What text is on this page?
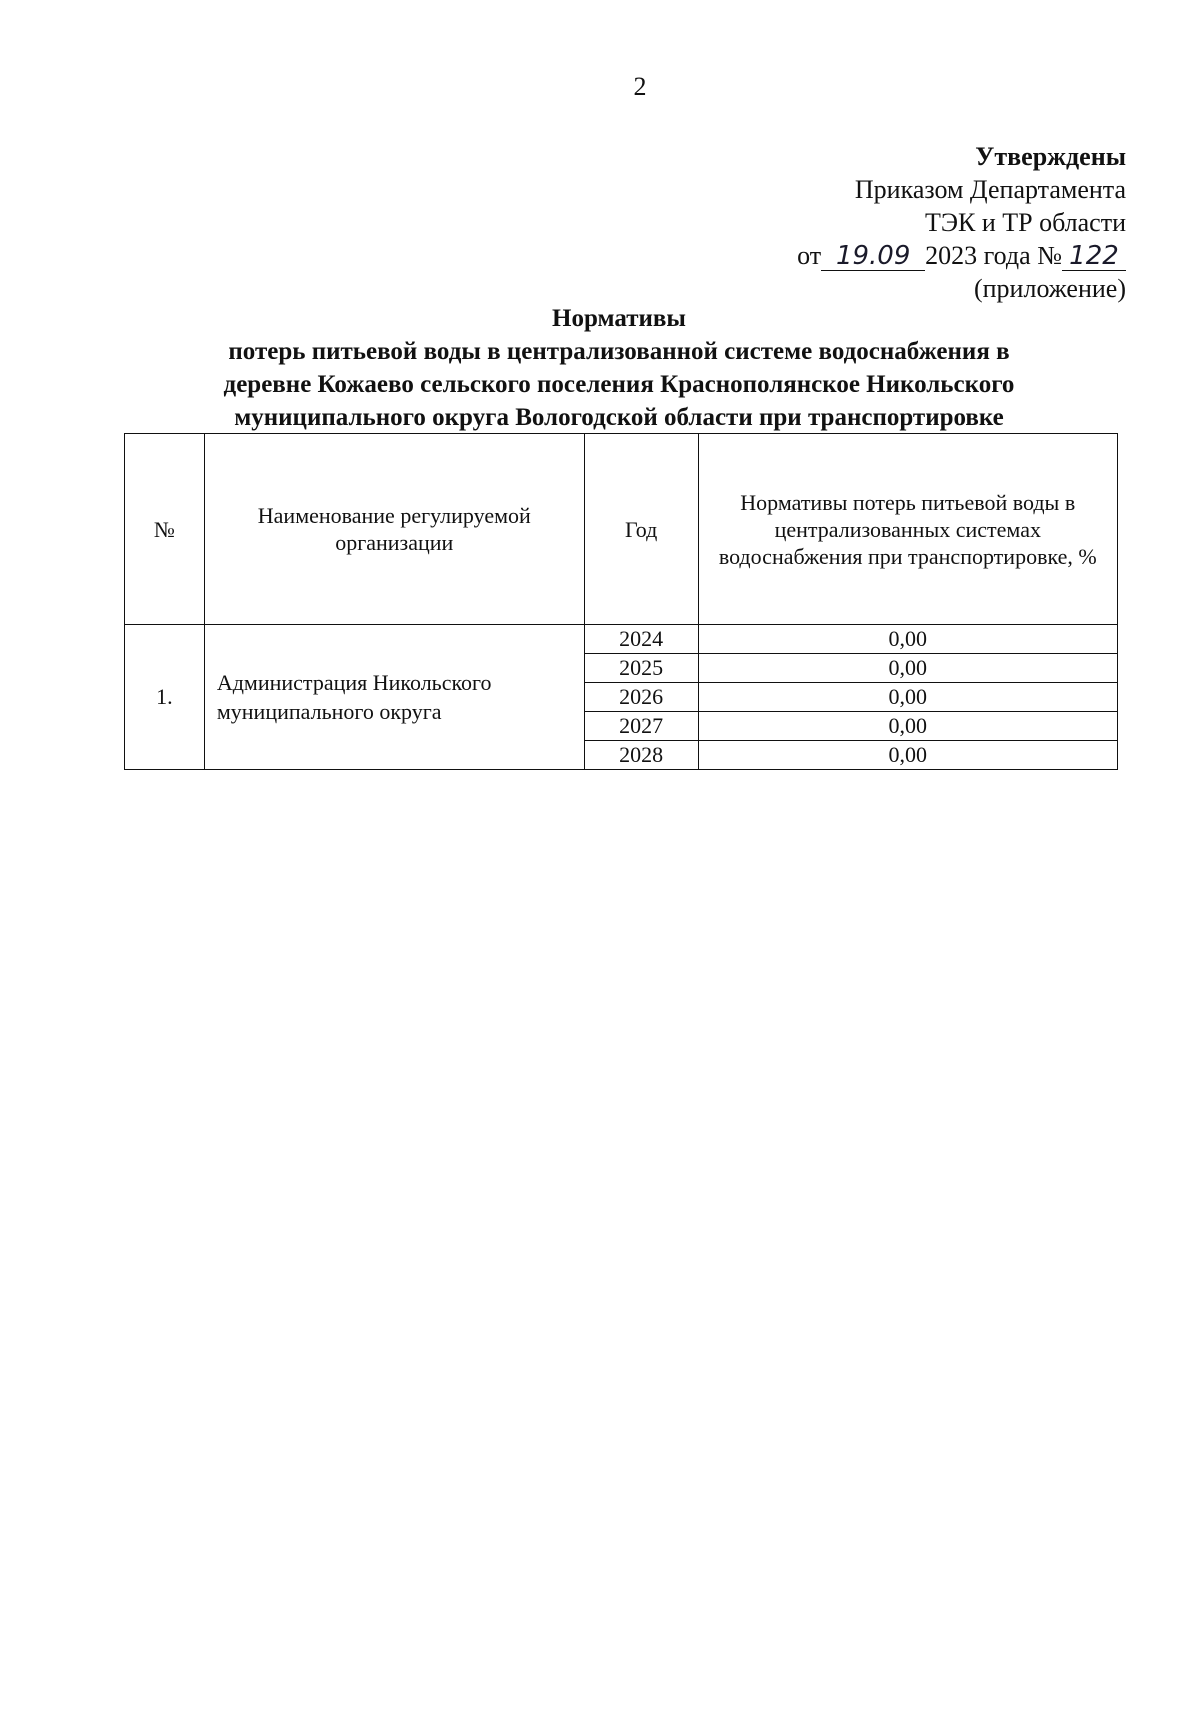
2
Утверждены
Приказом Департамента
ТЭК и ТР области
от 19.09 2023 года № 122
(приложение)
Нормативы
потерь питьевой воды в централизованной системе водоснабжения в
деревне Кожаево сельского поселения Краснополянское Никольского
муниципального округа Вологодской области при транспортировке
№	Наименование регулируемой организации	Год	Нормативы потерь питьевой воды в централизованных системах водоснабжения при транспортировке, %

1.	Администрация Никольского муниципального округа	2024	0,00
		2025	0,00
		2026	0,00
		2027	0,00
		2028	0,00
